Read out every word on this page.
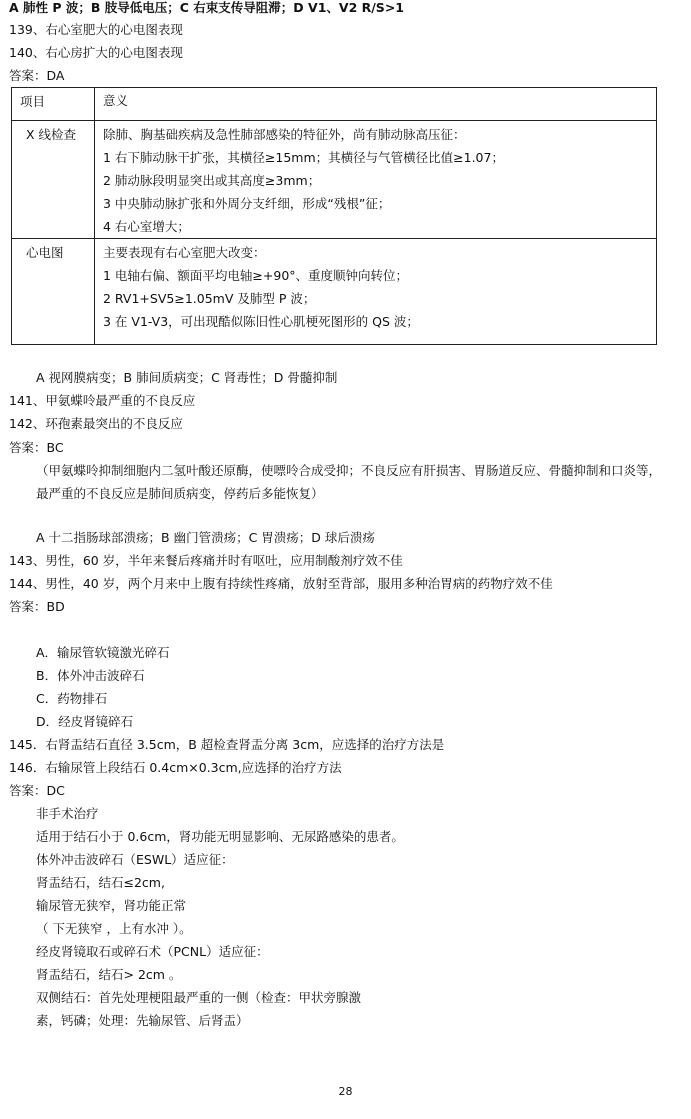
A 肺性 P 波；B 肢导低电压；C 右束支传导阻滞；D V1、V2 R/S>1
139、右心室肥大的心电图表现
140、右心房扩大的心电图表现
答案：DA
项目	意义

X 线检查	除肺、胸基础疾病及急性肺部感染的特征外，尚有肺动脉高压征：
1 右下肺动脉干扩张，其横径≥15mm；其横径与气管横径比值≥1.07；
2 肺动脉段明显突出或其高度≥3mm；
3 中央肺动脉扩张和外周分支纤细，形成“残根”征；
4 右心室增大；

心电图	主要表现有右心室肥大改变：
1 电轴右偏、额面平均电轴≥+90°、重度顺钟向转位；
2 RV1+SV5≥1.05mV 及肺型 P 波；
3 在 V1-V3，可出现酷似陈旧性心肌梗死图形的 QS 波；
A 视网膜病变；B 肺间质病变；C 肾毒性；D 骨髓抑制
141、甲氨蝶呤最严重的不良反应
142、环孢素最突出的不良反应
答案：BC
（甲氨蝶呤抑制细胞内二氢叶酸还原酶，使嘌呤合成受抑；不良反应有肝损害、胃肠道反应、骨髓抑制和口炎等，
最严重的不良反应是肺间质病变，停药后多能恢复）
A 十二指肠球部溃疡；B 幽门管溃疡；C 胃溃疡；D 球后溃疡
143、男性，60 岁，半年来餐后疼痛并时有呕吐，应用制酸剂疗效不佳
144、男性，40 岁，两个月来中上腹有持续性疼痛，放射至背部，服用多种治胃病的药物疗效不佳
答案：BD
A．输尿管软镜激光碎石
B．体外冲击波碎石
C．药物排石
D．经皮肾镜碎石
145．右肾盂结石直径 3.5cm，B 超检查肾盂分离 3cm，应选择的治疗方法是
146．右输尿管上段结石 0.4cm×0.3cm,应选择的治疗方法
答案：DC
非手术治疗
适用于结石小于 0.6cm，肾功能无明显影响、无尿路感染的患者。
体外冲击波碎石（ESWL）适应征：
肾盂结石，结石≤2cm,
输尿管无狭窄，肾功能正常
（ 下无狭窄 ，上有水冲 ）。
经皮肾镜取石或碎石术（PCNL）适应征：
肾盂结石，结石> 2cm 。
双侧结石：首先处理梗阻最严重的一侧（检查：甲状旁腺激
素，钙磷；处理：先输尿管、后肾盂）
28
